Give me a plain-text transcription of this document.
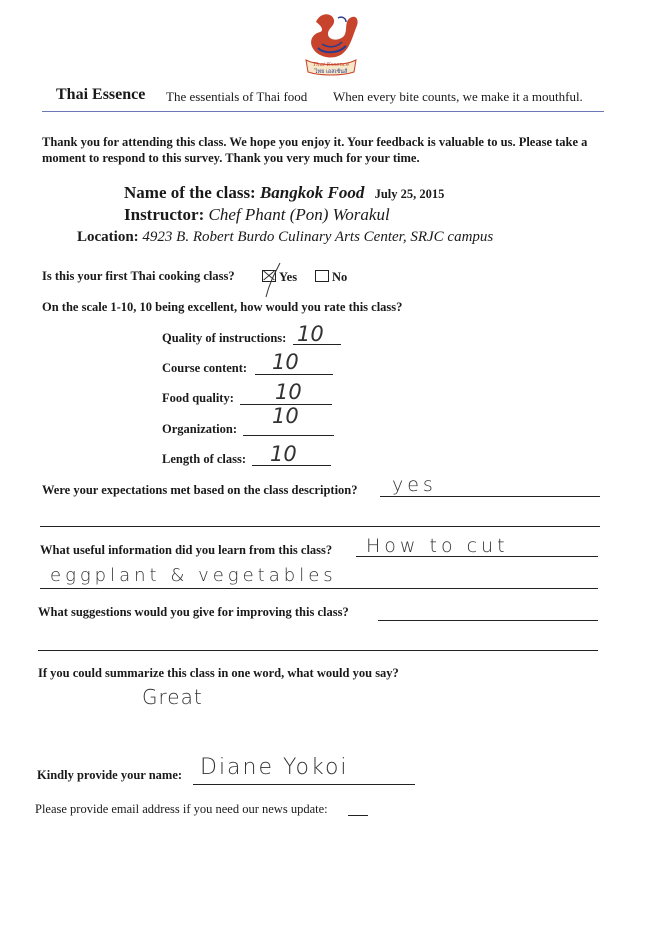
Thai Essence
ไทย เอสเซ้นส์
Thai Essence The essentials of Thai food When every bite counts, we make it a mouthful.
Thank you for attending this class. We hope you enjoy it. Your feedback is valuable to us. Please take a moment to respond to this survey. Thank you very much for your time.
Name of the class: Bangkok Food July 25, 2015
Instructor: Chef Phant (Pon) Worakul
Location: 4923 B. Robert Burdo Culinary Arts Center, SRJC campus
Is this your first Thai cooking class?	Yes	No
On the scale 1-10, 10 being excellent, how would you rate this class?
Quality of instructions: 10
Course content: 10
Food quality: 10
Organization:
10
Length of class: 10
Were your expectations met based on the class description? yes
What useful information did you learn from this class? How to cut
eggplant & vegetables
What suggestions would you give for improving this class?
If you could summarize this class in one word, what would you say?
Great
Kindly provide your name: Diane Yokoi
Please provide email address if you need our news update:
